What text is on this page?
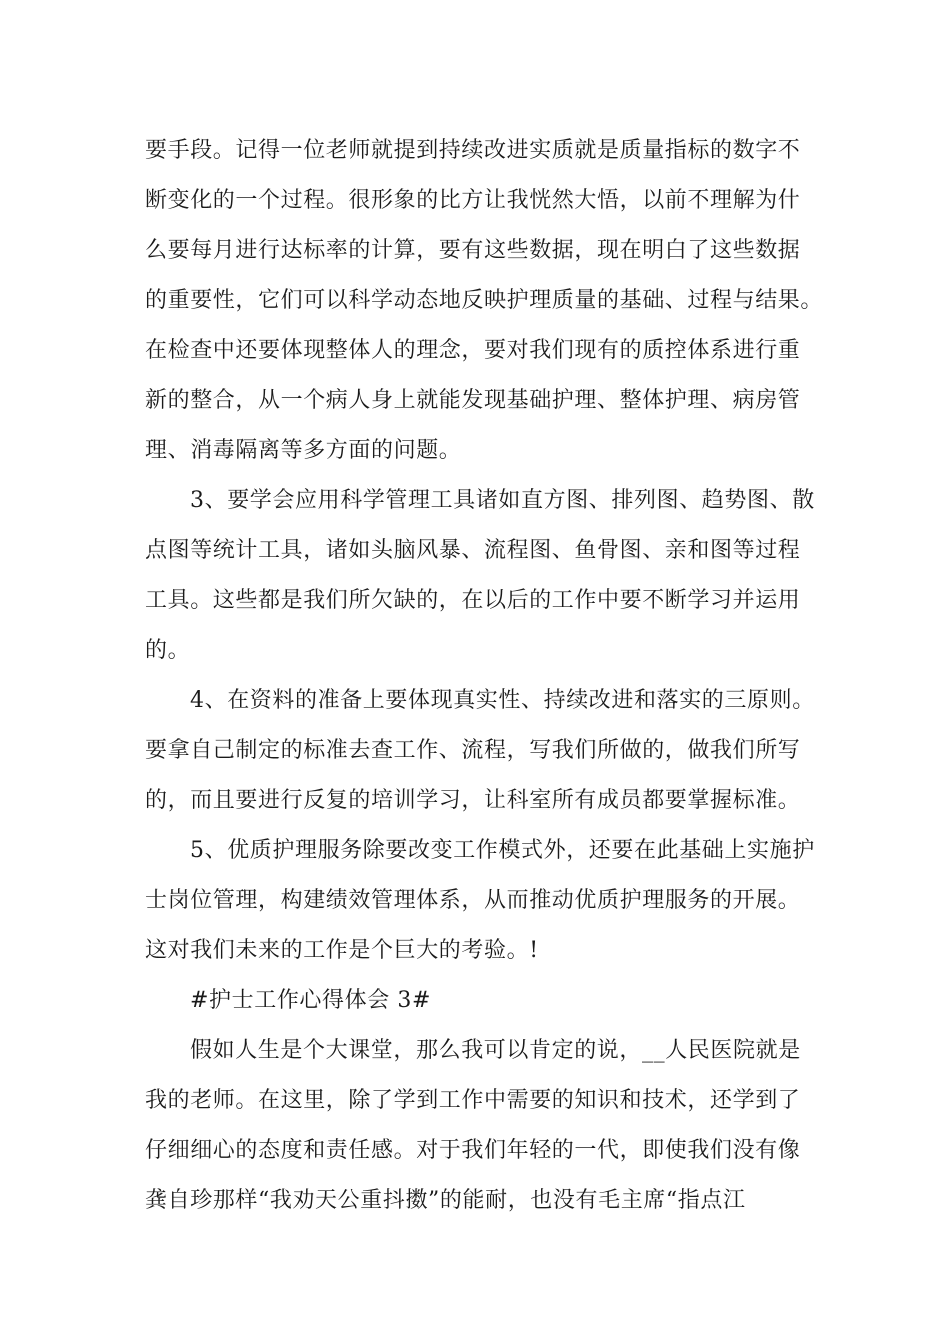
要手段。记得一位老师就提到持续改进实质就是质量指标的数字不
断变化的一个过程。很形象的比方让我恍然大悟，以前不理解为什
么要每月进行达标率的计算，要有这些数据，现在明白了这些数据
的重要性，它们可以科学动态地反映护理质量的基础、过程与结果。
在检查中还要体现整体人的理念，要对我们现有的质控体系进行重
新的整合，从一个病人身上就能发现基础护理、整体护理、病房管
理、消毒隔离等多方面的问题。
3、要学会应用科学管理工具诸如直方图、排列图、趋势图、散
点图等统计工具，诸如头脑风暴、流程图、鱼骨图、亲和图等过程
工具。这些都是我们所欠缺的，在以后的工作中要不断学习并运用
的。
4、在资料的准备上要体现真实性、持续改进和落实的三原则。
要拿自己制定的标准去查工作、流程，写我们所做的，做我们所写
的，而且要进行反复的培训学习，让科室所有成员都要掌握标准。
5、优质护理服务除要改变工作模式外，还要在此基础上实施护
士岗位管理，构建绩效管理体系，从而推动优质护理服务的开展。
这对我们未来的工作是个巨大的考验。!
#护士工作心得体会 3#
假如人生是个大课堂，那么我可以肯定的说，__人民医院就是
我的老师。在这里，除了学到工作中需要的知识和技术，还学到了
仔细细心的态度和责任感。对于我们年轻的一代，即使我们没有像
龚自珍那样“我劝天公重抖擞”的能耐，也没有毛主席“指点江
